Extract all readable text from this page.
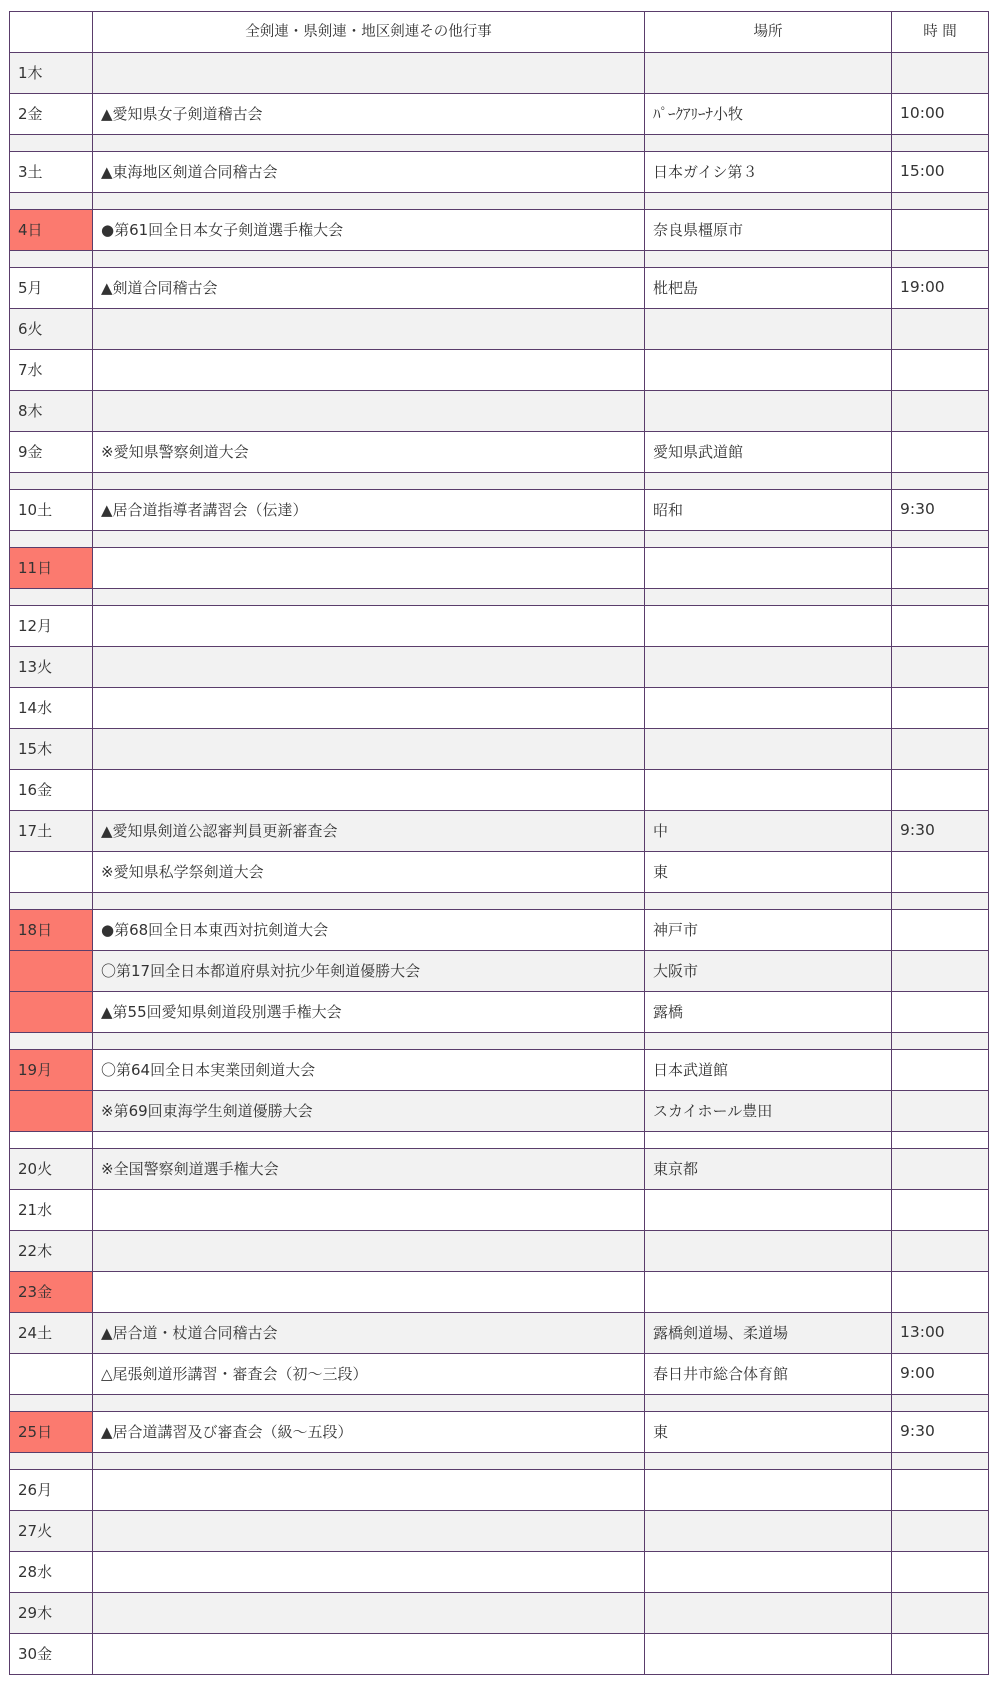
	全剣連・県剣連・地区剣連その他行事	場所	時 間
1木			
2金	▲愛知県女子剣道稽古会	ﾊﾟｰｸｱﾘｰﾅ小牧	10:00

3土	▲東海地区剣道合同稽古会	日本ガイシ第３	15:00

4日	●第61回全日本女子剣道選手権大会	奈良県橿原市	

5月	▲剣道合同稽古会	枇杷島	19:00
6火			
7水			
8木			
9金	※愛知県警察剣道大会	愛知県武道館	

10土	▲居合道指導者講習会（伝達）	昭和	9:30

11日			

12月			
13火			
14水			
15木			
16金			
17土	▲愛知県剣道公認審判員更新審査会	中	9:30
	※愛知県私学祭剣道大会	東	

18日	●第68回全日本東西対抗剣道大会	神戸市	
	〇第17回全日本都道府県対抗少年剣道優勝大会	大阪市	
	▲第55回愛知県剣道段別選手権大会	露橋	

19月	〇第64回全日本実業団剣道大会	日本武道館	
	※第69回東海学生剣道優勝大会	スカイホール豊田	

20火	※全国警察剣道選手権大会	東京都	
21水			
22木			
23金			
24土	▲居合道・杖道合同稽古会	露橋剣道場、柔道場	13:00
	△尾張剣道形講習・審査会（初～三段）	春日井市総合体育館	9:00

25日	▲居合道講習及び審査会（級～五段）	東	9:30

26月			
27火			
28水			
29木			
30金			
